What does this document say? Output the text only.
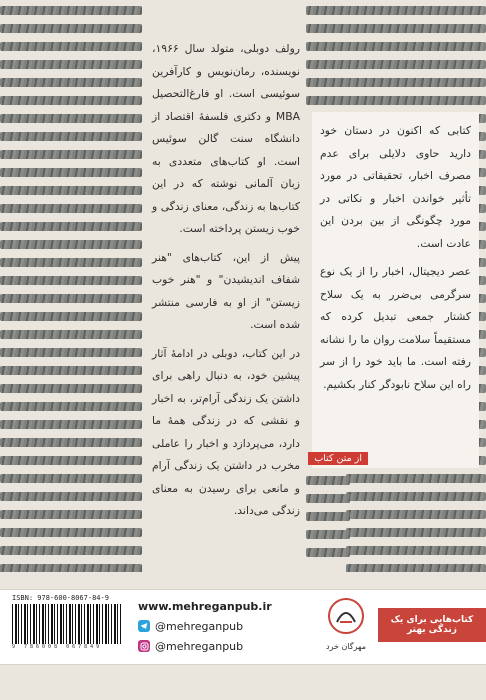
رولف دوبلی، متولد سال ۱۹۶۶، نویسنده، رمان‌نویس و کارآفرین سوئیسی است. او فارغ‌التحصیل MBA و دکتری فلسفهٔ اقتصاد از دانشگاه سنت گالن سوئیس است. او کتاب‌های متعددی به زبان آلمانی نوشته که در این کتاب‌ها به زندگی، معنای زندگی و خوب زیستن پرداخته است.

پیش از این، کتاب‌های "هنر شفاف اندیشیدن" و "هنر خوب زیستن" از او به فارسی منتشر شده است.

در این کتاب، دوبلی در ادامهٔ آثار پیشین خود، به دنبال راهی برای داشتن یک زندگی آرام‌تر، به اخبار و نقشی که در زندگی همهٔ ما دارد، می‌پردازد و اخبار را عاملی مخرب در داشتن یک زندگی آرام و مانعی برای رسیدن به معنای زندگی می‌داند.

کتابی که اکنون در دستان خود دارید حاوی دلایلی برای عدم مصرف اخبار، تحقیقاتی در مورد تأثیر خواندن اخبار و نکاتی در مورد چگونگی از بین بردن این عادت است.

عصر دیجیتال، اخبار را از یک نوع سرگرمی بی‌ضرر به یک سلاح کشتار جمعی تبدیل کرده که مستقیماً سلامت روان ما را نشانه رفته است. ما باید خود را از سر راه این سلاح نابودگر کنار بکشیم.

از متن کتاب
ISBN: 978-600-8067-84-9
9 786008 067849
www.mehreganpub.ir
@mehreganpub
@mehreganpub	مهرگان خرد
کتاب‌هایی برای یک زندگی بهتر
